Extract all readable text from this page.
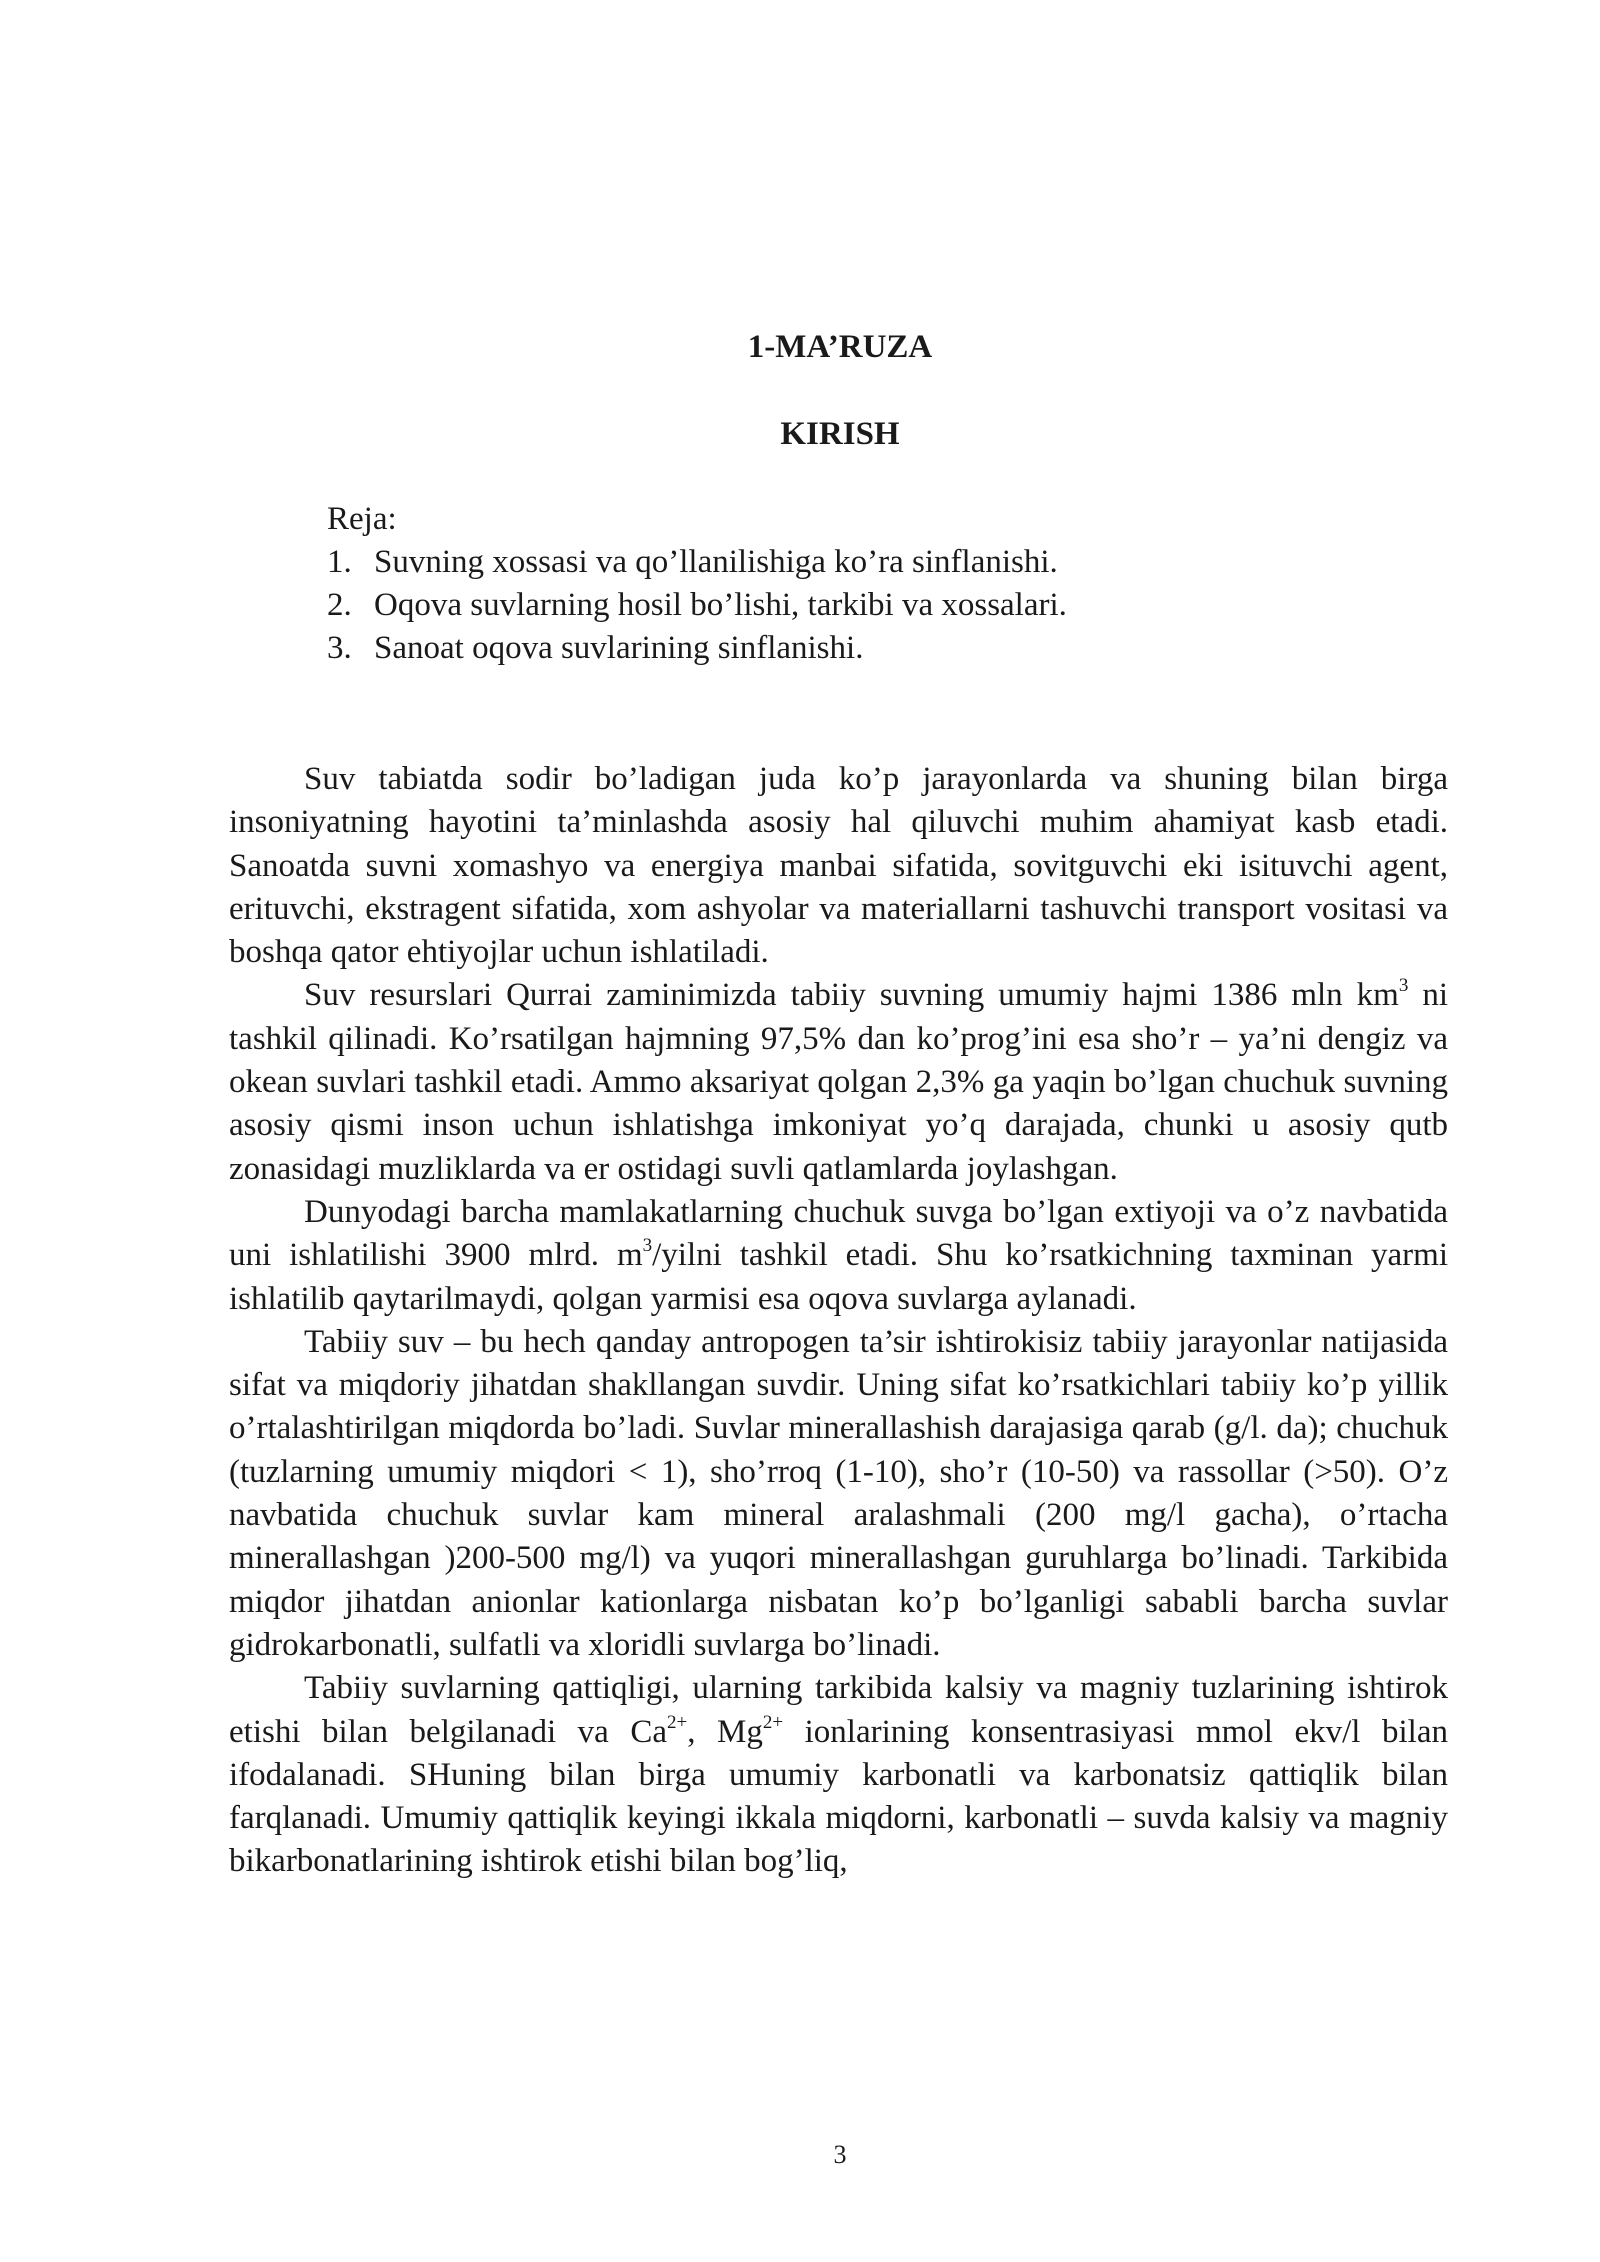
1-MA’RUZA
KIRISH
Reja:
1. Suvning xossasi va qo’llanilishiga ko’ra sinflanishi.
2. Oqova suvlarning hosil bo’lishi, tarkibi va xossalari.
3. Sanoat oqova suvlarining sinflanishi.

Suv tabiatda sodir bo’ladigan juda ko’p jarayonlarda va shuning bilan birga insoniyatning hayotini ta’minlashda asosiy hal qiluvchi muhim ahamiyat kasb etadi. Sanoatda suvni xomashyo va energiya manbai sifatida, sovitguvchi eki isituvchi agent, erituvchi, ekstragent sifatida, xom ashyolar va materiallarni tashuvchi transport vositasi va boshqa qator ehtiyojlar uchun ishlatiladi.

Suv resurslari Qurrai zaminimizda tabiiy suvning umumiy hajmi 1386 mln $km^3$ ni tashkil qilinadi. Ko’rsatilgan hajmning 97,5% dan ko’prog’ini esa sho’r – ya’ni dengiz va okean suvlari tashkil etadi. Ammo aksariyat qolgan 2,3% ga yaqin bo’lgan chuchuk suvning asosiy qismi inson uchun ishlatishga imkoniyat yo’q darajada, chunki u asosiy qutb zonasidagi muzliklarda va er ostidagi suvli qatlamlarda joylashgan.

Dunyodagi barcha mamlakatlarning chuchuk suvga bo’lgan extiyoji va o’z navbatida uni ishlatilishi 3900 mlrd. $m^3$/yilni tashkil etadi. Shu ko’rsatkichning taxminan yarmi ishlatilib qaytarilmaydi, qolgan yarmisi esa oqova suvlarga aylanadi.

Tabiiy suv – bu hech qanday antropogen ta’sir ishtirokisiz tabiiy jarayonlar natijasida sifat va miqdoriy jihatdan shakllangan suvdir. Uning sifat ko’rsatkichlari tabiiy ko’p yillik o’rtalashtirilgan miqdorda bo’ladi. Suvlar minerallashish darajasiga qarab (g/l. da); chuchuk (tuzlarning umumiy miqdori < 1), sho’rroq (1-10), sho’r (10-50) va rassollar (>50). O’z navbatida chuchuk suvlar kam mineral aralashmali (200 mg/l gacha), o’rtacha minerallashgan )200-500 mg/l) va yuqori minerallashgan guruhlarga bo’linadi. Tarkibida miqdor jihatdan anionlar kationlarga nisbatan ko’p bo’lganligi sababli barcha suvlar gidrokarbonatli, sulfatli va xloridli suvlarga bo’linadi.

Tabiiy suvlarning qattiqligi, ularning tarkibida kalsiy va magniy tuzlarining ishtirok etishi bilan belgilanadi va $Ca^{2+}$, $Mg^{2+}$ ionlarining konsentrasiyasi mmol ekv/l bilan ifodalanadi. SHuning bilan birga umumiy karbonatli va karbonatsiz qattiqlik bilan farqlanadi. Umumiy qattiqlik keyingi ikkala miqdorni, karbonatli – suvda kalsiy va magniy bikarbonatlarining ishtirok etishi bilan bog’liq,

3
